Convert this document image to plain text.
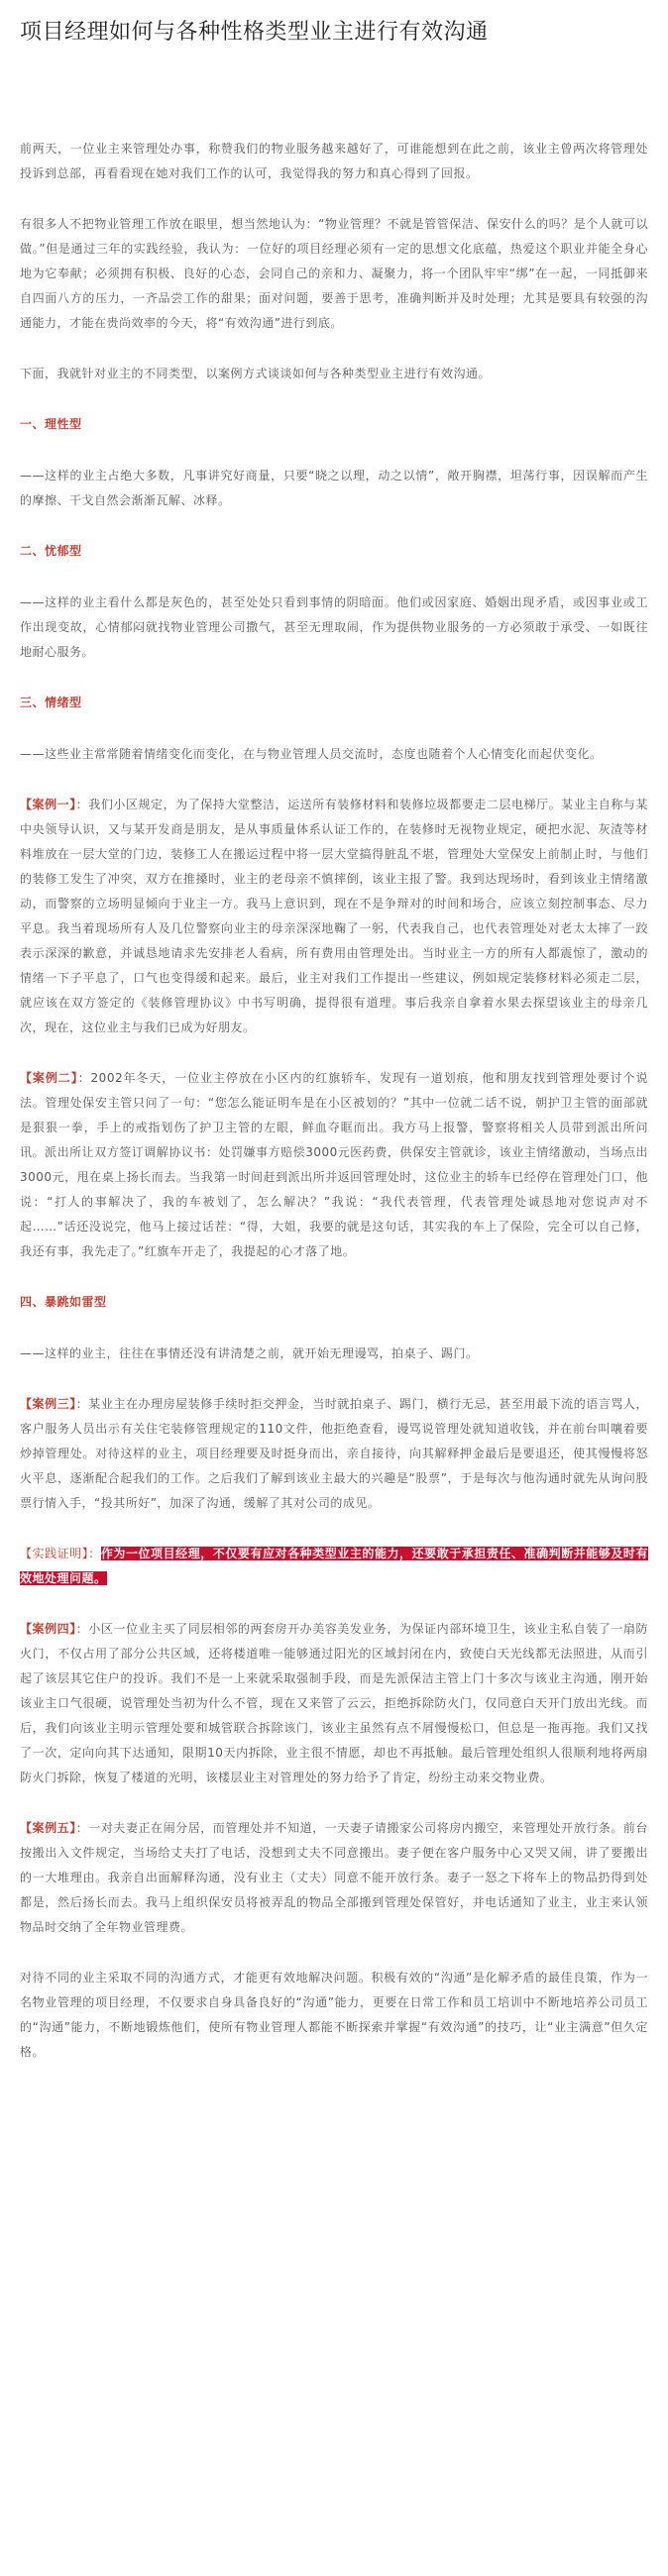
项目经理如何与各种性格类型业主进行有效沟通

前两天，一位业主来管理处办事，称赞我们的物业服务越来越好了，可谁能想到在此之前，该业主曾两次将管理处投诉到总部，再看看现在她对我们工作的认可，我觉得我的努力和真心得到了回报。

有很多人不把物业管理工作放在眼里，想当然地认为：“物业管理？不就是管管保洁、保安什么的吗？是个人就可以做。”但是通过三年的实践经验，我认为：一位好的项目经理必须有一定的思想文化底蕴，热爱这个职业并能全身心地为它奉献；必须拥有积极、良好的心态，会同自己的亲和力、凝聚力，将一个团队牢牢“绑”在一起，一同抵御来自四面八方的压力，一齐品尝工作的甜果；面对问题，要善于思考，准确判断并及时处理；尤其是要具有较强的沟通能力，才能在贵尚效率的今天，将“有效沟通”进行到底。

下面，我就针对业主的不同类型，以案例方式谈谈如何与各种类型业主进行有效沟通。

一、理性型

——这样的业主占绝大多数，凡事讲究好商量，只要“晓之以理，动之以情”，敞开胸襟，坦荡行事，因误解而产生的摩擦、干戈自然会渐渐瓦解、冰释。

二、忧郁型

——这样的业主看什么都是灰色的，甚至处处只看到事情的阴暗面。他们或因家庭、婚姻出现矛盾，或因事业或工作出现变故，心情郁闷就找物业管理公司撒气，甚至无理取闹，作为提供物业服务的一方必须敢于承受、一如既往地耐心服务。

三、情绪型

——这些业主常常随着情绪变化而变化，在与物业管理人员交流时，态度也随着个人心情变化而起伏变化。

【案例一】：我们小区规定，为了保持大堂整洁，运送所有装修材料和装修垃圾都要走二层电梯厅。某业主自称与某中央领导认识，又与某开发商是朋友，是从事质量体系认证工作的，在装修时无视物业规定，硬把水泥、灰渣等材料堆放在一层大堂的门边，装修工人在搬运过程中将一层大堂搞得脏乱不堪，管理处大堂保安上前制止时，与他们的装修工发生了冲突，双方在推搡时，业主的老母亲不慎摔倒，该业主报了警。我到达现场时，看到该业主情绪激动，而警察的立场明显倾向于业主一方。我马上意识到，现在不是争辩对的时间和场合，应该立刻控制事态、尽力平息。我当着现场所有人及几位警察向业主的母亲深深地鞠了一躬，代表我自己，也代表管理处对老太太摔了一跤表示深深的歉意，并诚恳地请求先安排老人看病，所有费用由管理处出。当时业主一方的所有人都震惊了，激动的情绪一下子平息了，口气也变得缓和起来。最后，业主对我们工作提出一些建议，例如规定装修材料必须走二层，就应该在双方签定的《装修管理协议》中书写明确，提得很有道理。事后我亲自拿着水果去探望该业主的母亲几次，现在，这位业主与我们已成为好朋友。

【案例二】：2002年冬天，一位业主停放在小区内的红旗轿车，发现有一道划痕，他和朋友找到管理处要讨个说法。管理处保安主管只问了一句：“您怎么能证明车是在小区被划的？”其中一位就二话不说，朝护卫主管的面部就是狠狠一拳，手上的戒指划伤了护卫主管的左眼，鲜血夺眶而出。我方马上报警，警察将相关人员带到派出所问讯。派出所让双方签订调解协议书：处罚嫌事方赔偿3000元医药费，供保安主管就诊，该业主情绪激动，当场点出3000元，甩在桌上扬长而去。当我第一时间赶到派出所并返回管理处时，这位业主的轿车已经停在管理处门口，他说：“打人的事解决了，我的车被划了，怎么解决？”我说：“我代表管理，代表管理处诚恳地对您说声对不起……”话还没说完，他马上接过话茬：“得，大姐，我要的就是这句话，其实我的车上了保险，完全可以自己修，我还有事，我先走了。”红旗车开走了，我提起的心才落了地。

四、暴跳如雷型

——这样的业主，往往在事情还没有讲清楚之前，就开始无理谩骂，拍桌子、踢门。

【案例三】：某业主在办理房屋装修手续时拒交押金，当时就拍桌子、踢门，横行无忌，甚至用最下流的语言骂人，客户服务人员出示有关住宅装修管理规定的110文件，他拒绝查看，谩骂说管理处就知道收钱，并在前台叫嚷着要炒掉管理处。对待这样的业主，项目经理要及时挺身而出，亲自接待，向其解释押金最后是要退还，使其慢慢将怒火平息，逐渐配合起我们的工作。之后我们了解到该业主最大的兴趣是“股票”，于是每次与他沟通时就先从询问股票行情入手，“投其所好”，加深了沟通，缓解了其对公司的成见。

【实践证明】：作为一位项目经理，不仅要有应对各种类型业主的能力，还要敢于承担责任、准确判断并能够及时有效地处理问题。

【案例四】：小区一位业主买了同层相邻的两套房开办美容美发业务，为保证内部环境卫生，该业主私自装了一扇防火门，不仅占用了部分公共区域，还将楼道唯一能够通过阳光的区域封闭在内，致使白天光线都无法照进，从而引起了该层其它住户的投诉。我们不是一上来就采取强制手段，而是先派保洁主管上门十多次与该业主沟通，刚开始该业主口气很硬，说管理处当初为什么不管，现在又来管了云云，拒绝拆除防火门，仅同意白天开门放出光线。而后，我们向该业主明示管理处要和城管联合拆除该门，该业主虽然有点不屑慢慢松口，但总是一拖再拖。我们又找了一次，定向向其下达通知，限期10天内拆除，业主很不情愿，却也不再抵触。最后管理处组织人很顺利地将两扇防火门拆除，恢复了楼道的光明，该楼层业主对管理处的努力给予了肯定，纷纷主动来交物业费。

【案例五】：一对夫妻正在闹分居，而管理处并不知道，一天妻子请搬家公司将房内搬空，来管理处开放行条。前台按搬出入文件规定，当场给丈夫打了电话，没想到丈夫不同意搬出。妻子便在客户服务中心又哭又闹，讲了要搬出的一大堆理由。我亲自出面解释沟通，没有业主（丈夫）同意不能开放行条。妻子一怒之下将车上的物品扔得到处都是，然后扬长而去。我马上组织保安员将被弄乱的物品全部搬到管理处保管好，并电话通知了业主，业主来认领物品时交纳了全年物业管理费。

对待不同的业主采取不同的沟通方式，才能更有效地解决问题。积极有效的“沟通”是化解矛盾的最佳良策，作为一名物业管理的项目经理，不仅要求自身具备良好的“沟通”能力，更要在日常工作和员工培训中不断地培养公司员工的“沟通”能力，不断地锻炼他们，使所有物业管理人都能不断探索并掌握“有效沟通”的技巧，让“业主满意”但久定格。
